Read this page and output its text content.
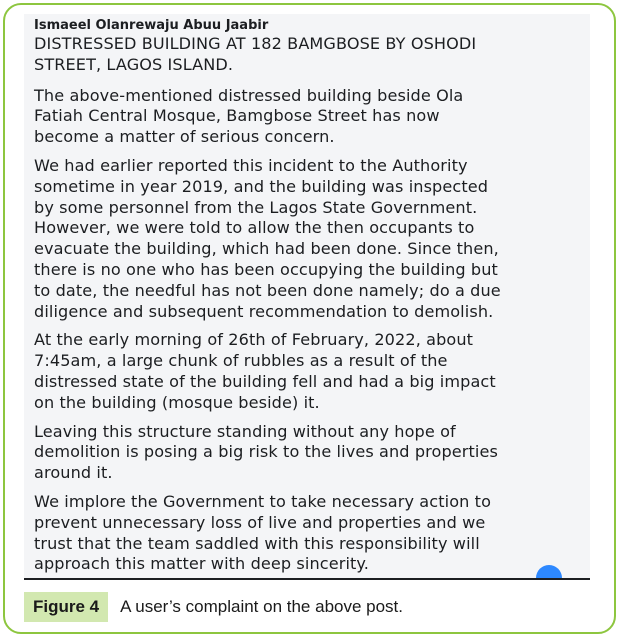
Ismaeel Olanrewaju Abuu Jaabir

DISTRESSED BUILDING AT 182 BAMGBOSE BY OSHODI
STREET, LAGOS ISLAND.

The above-mentioned distressed building beside Ola
Fatiah Central Mosque, Bamgbose Street has now
become a matter of serious concern.

We had earlier reported this incident to the Authority
sometime in year 2019, and the building was inspected
by some personnel from the Lagos State Government.
However, we were told to allow the then occupants to
evacuate the building, which had been done. Since then,
there is no one who has been occupying the building but
to date, the needful has not been done namely; do a due
diligence and subsequent recommendation to demolish.

At the early morning of 26th of February, 2022, about
7:45am, a large chunk of rubbles as a result of the
distressed state of the building fell and had a big impact
on the building (mosque beside) it.

Leaving this structure standing without any hope of
demolition is posing a big risk to the lives and properties
around it.

We implore the Government to take necessary action to
prevent unnecessary loss of live and properties and we
trust that the team saddled with this responsibility will
approach this matter with deep sincerity.

Figure 4	A user’s complaint on the above post.
